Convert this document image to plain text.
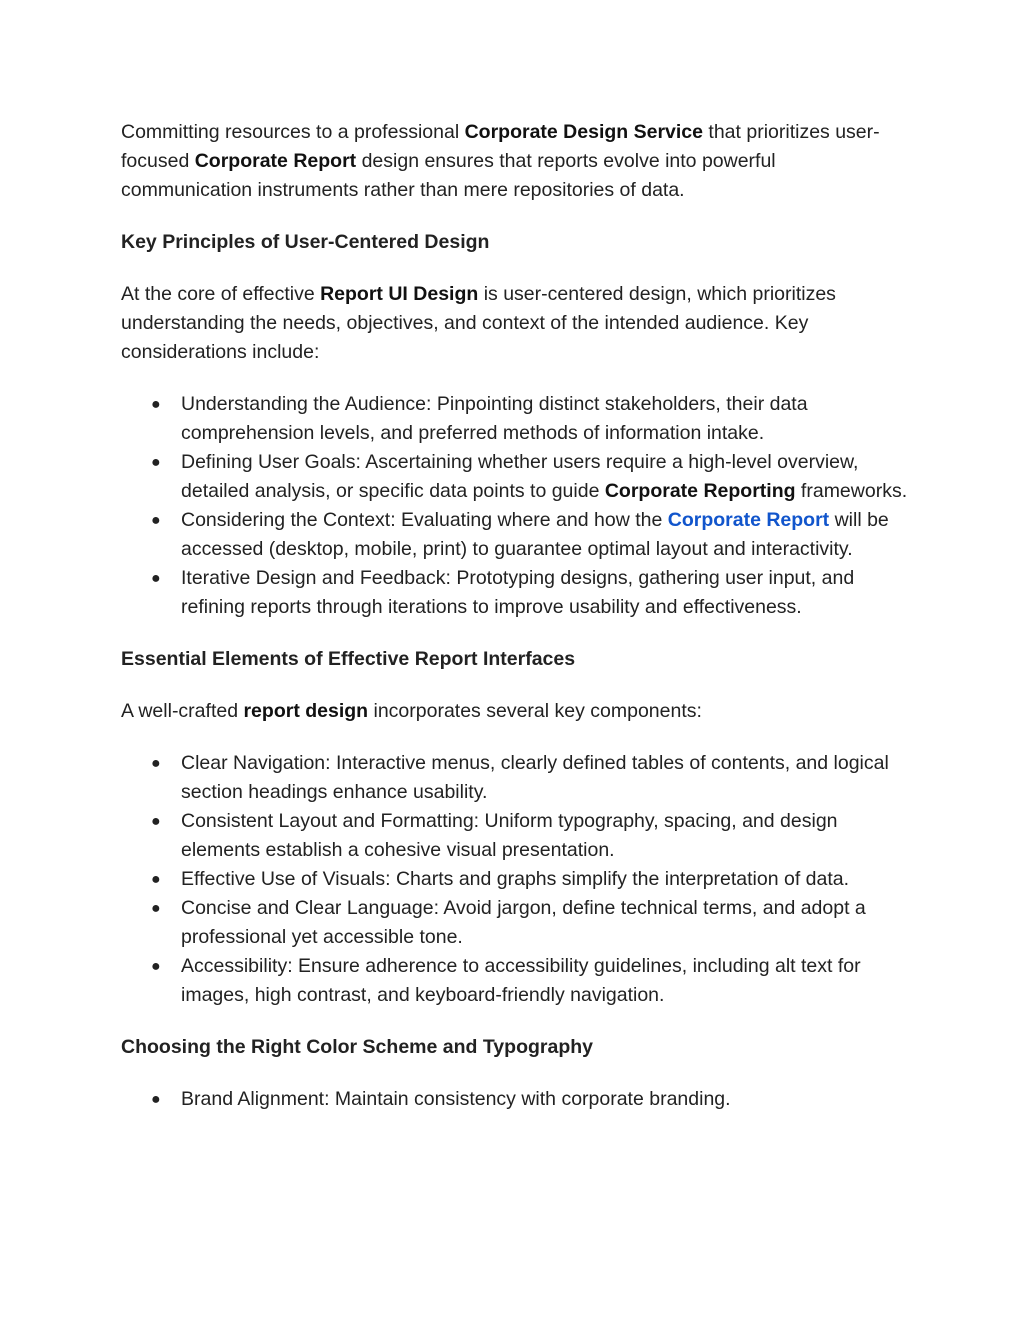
Committing resources to a professional Corporate Design Service that prioritizes user-focused Corporate Report design ensures that reports evolve into powerful communication instruments rather than mere repositories of data.

Key Principles of User-Centered Design

At the core of effective Report UI Design is user-centered design, which prioritizes understanding the needs, objectives, and context of the intended audience. Key considerations include:

● Understanding the Audience: Pinpointing distinct stakeholders, their data comprehension levels, and preferred methods of information intake.
● Defining User Goals: Ascertaining whether users require a high-level overview, detailed analysis, or specific data points to guide Corporate Reporting frameworks.
● Considering the Context: Evaluating where and how the Corporate Report will be accessed (desktop, mobile, print) to guarantee optimal layout and interactivity.
● Iterative Design and Feedback: Prototyping designs, gathering user input, and refining reports through iterations to improve usability and effectiveness.

Essential Elements of Effective Report Interfaces

A well-crafted report design incorporates several key components:

● Clear Navigation: Interactive menus, clearly defined tables of contents, and logical section headings enhance usability.
● Consistent Layout and Formatting: Uniform typography, spacing, and design elements establish a cohesive visual presentation.
● Effective Use of Visuals: Charts and graphs simplify the interpretation of data.
● Concise and Clear Language: Avoid jargon, define technical terms, and adopt a professional yet accessible tone.
● Accessibility: Ensure adherence to accessibility guidelines, including alt text for images, high contrast, and keyboard-friendly navigation.

Choosing the Right Color Scheme and Typography

● Brand Alignment: Maintain consistency with corporate branding.
